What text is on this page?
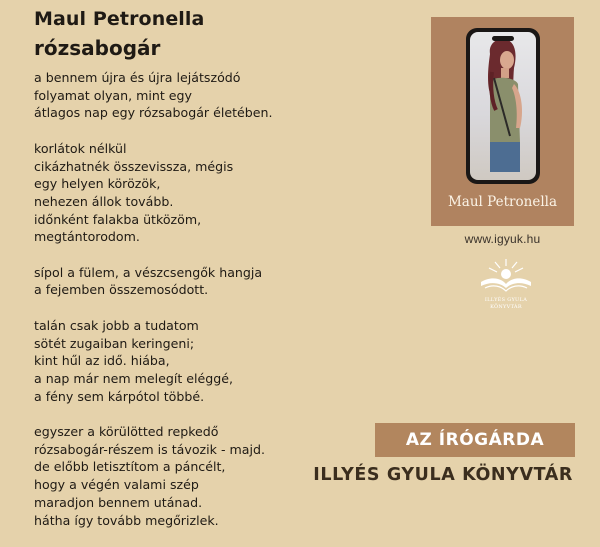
Maul Petronella
rózsabogár
a bennem újra és újra lejátszódó
folyamat olyan, mint egy
átlagos nap egy rózsabogár életében.
korlátok nélkül
cikázhatnék összevissza, mégis
egy helyen körözök,
nehezen állok tovább.
időnként falakba ütközöm,
megtántorodom.
sípol a fülem, a vészcsengők hangja
a fejemben összemosódott.
talán csak jobb a tudatom
sötét zugaiban keringeni;
kint hűl az idő. hiába,
a nap már nem melegít eléggé,
a fény sem kárpótol többé.
egyszer a körülötted repkedő
rózsabogár-részem is távozik - majd.
de előbb letisztítom a páncélt,
hogy a végén valami szép
maradjon bennem utánad.
hátha így tovább megőrizlek.
Maul Petronella
www.igyuk.hu
ILLYÉS GYULA
KÖNYVTÁR
AZ ÍRÓGÁRDA
ILLYÉS GYULA KÖNYVTÁR
